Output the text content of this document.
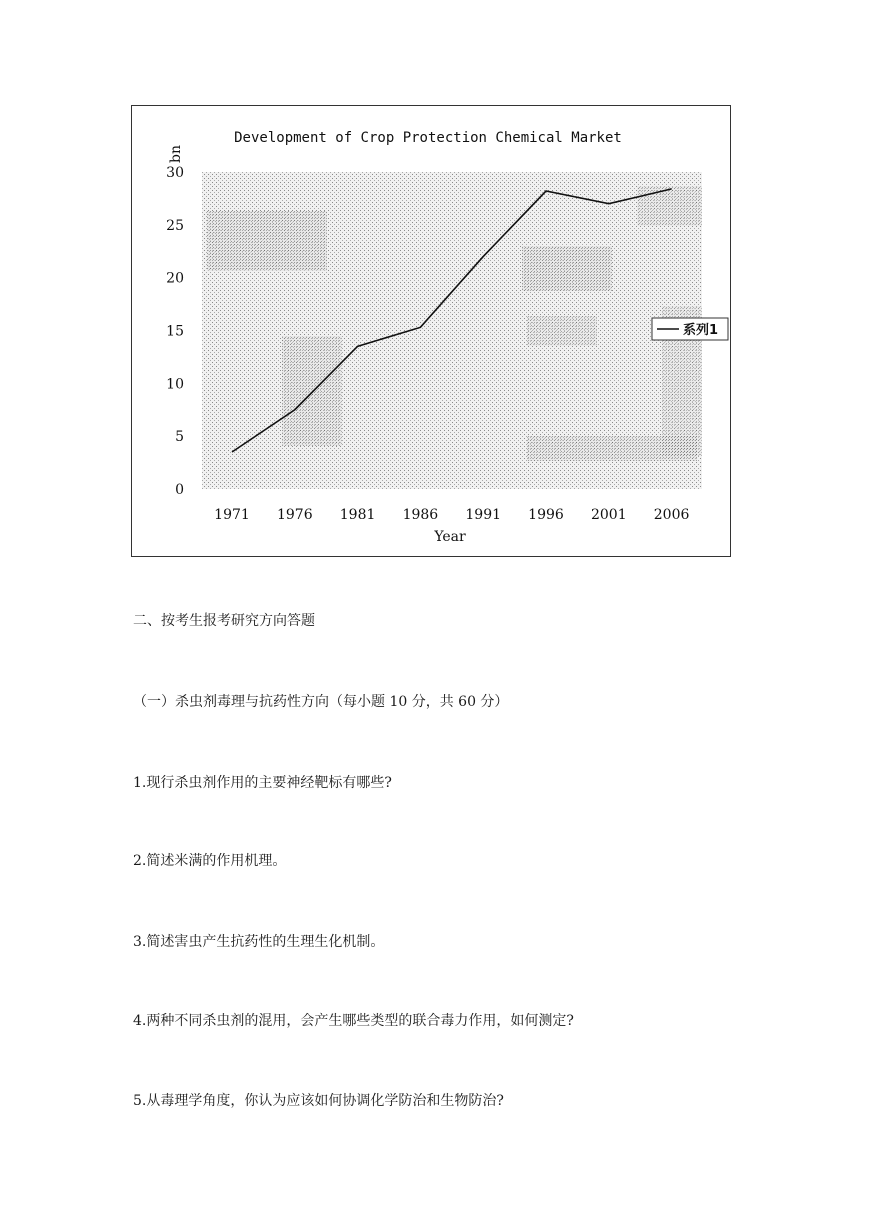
Development of Crop Protection Chemical Market
bn
0
5
10
15
20
25
30
1971 1976 1981 1986 1991 1996 2001 2006
Year
系列1
二、按考生报考研究方向答题
（一）杀虫剂毒理与抗药性方向（每小题 10 分，共 60 分）
1.现行杀虫剂作用的主要神经靶标有哪些?
2.简述米满的作用机理。
3.简述害虫产生抗药性的生理生化机制。
4.两种不同杀虫剂的混用，会产生哪些类型的联合毒力作用，如何测定?
5.从毒理学角度，你认为应该如何协调化学防治和生物防治?
